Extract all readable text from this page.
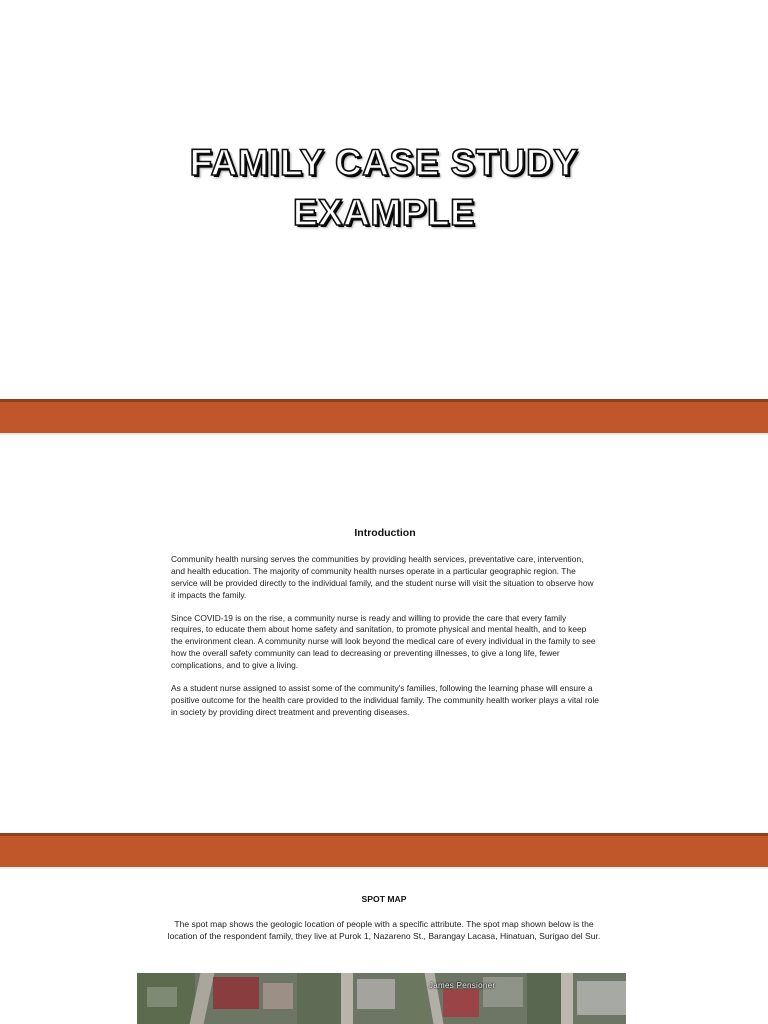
FAMILY CASE STUDY
EXAMPLE
Introduction

Community health nursing serves the communities by providing health services, preventative care, intervention, and health education. The majority of community health nurses operate in a particular geographic region. The service will be provided directly to the individual family, and the student nurse will visit the situation to observe how it impacts the family.

Since COVID-19 is on the rise, a community nurse is ready and willing to provide the care that every family requires, to educate them about home safety and sanitation, to promote physical and mental health, and to keep the environment clean. A community nurse will look beyond the medical care of every individual in the family to see how the overall safety community can lead to decreasing or preventing illnesses, to give a long life, fewer complications, and to give a living.

As a student nurse assigned to assist some of the community's families, following the learning phase will ensure a positive outcome for the health care provided to the individual family. The community health worker plays a vital role in society by providing direct treatment and preventing diseases.

SPOT MAP

The spot map shows the geologic location of people with a specific attribute. The spot map shown below is the location of the respondent family, they live at Purok 1, Nazareno St., Barangay Lacasa, Hinatuan, Surigao del Sur.

James Pensioner
